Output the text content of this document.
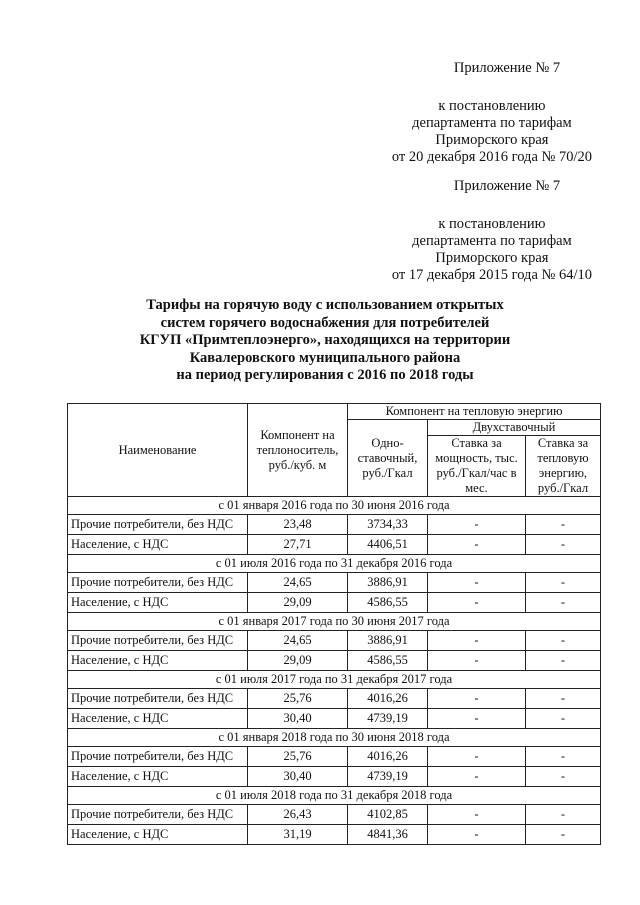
Приложение № 7
к постановлению
департамента по тарифам
Приморского края
от 20 декабря 2016 года № 70/20
Приложение № 7
к постановлению
департамента по тарифам
Приморского края
от 17 декабря 2015 года № 64/10
Тарифы на горячую воду с использованием открытых
систем горячего водоснабжения для потребителей
КГУП «Примтеплоэнерго», находящихся на территории
Кавалеровского муниципального района
на период регулирования с 2016 по 2018 годы
Наименование	Компонент на теплоноситель, руб./куб. м	Компонент на тепловую энергию		
		Одно-ставочный, руб./Гкал	Двухставочный	
			Ставка за мощность, тыс. руб./Гкал/час в мес.	Ставка за тепловую энергию, руб./Гкал
с 01 января 2016 года по 30 июня 2016 года				
Прочие потребители, без НДС	23,48	3734,33	-	-
Население, с НДС	27,71	4406,51	-	-
с 01 июля 2016 года по 31 декабря 2016 года				
Прочие потребители, без НДС	24,65	3886,91	-	-
Население, с НДС	29,09	4586,55	-	-
с 01 января 2017 года по 30 июня 2017 года				
Прочие потребители, без НДС	24,65	3886,91	-	-
Население, с НДС	29,09	4586,55	-	-
с 01 июля 2017 года по 31 декабря 2017 года				
Прочие потребители, без НДС	25,76	4016,26	-	-
Население, с НДС	30,40	4739,19	-	-
с 01 января 2018 года по 30 июня 2018 года				
Прочие потребители, без НДС	25,76	4016,26	-	-
Население, с НДС	30,40	4739,19	-	-
с 01 июля 2018 года по 31 декабря 2018 года				
Прочие потребители, без НДС	26,43	4102,85	-	-
Население, с НДС	31,19	4841,36	-	-
